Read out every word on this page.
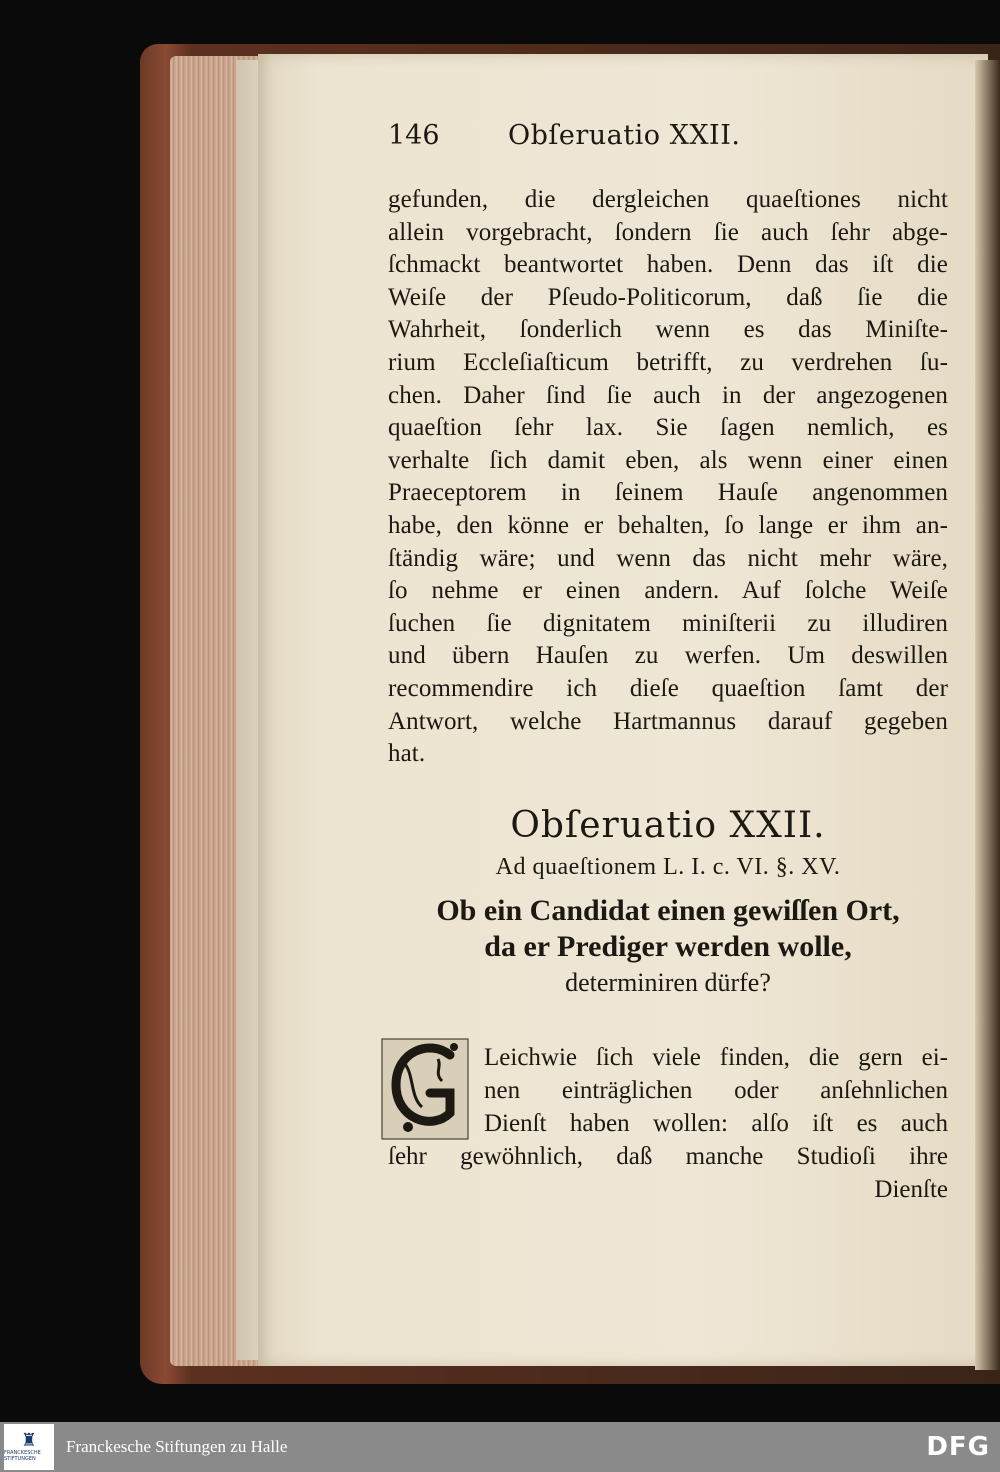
146	Obſeruatio XXII.
gefunden, die dergleichen quaeſtiones nicht
allein vorgebracht, ſondern ſie auch ſehr abge-
ſchmackt beantwortet haben. Denn das iſt die
Weiſe der Pſeudo-Politicorum, daß ſie die
Wahrheit, ſonderlich wenn es das Miniſte-
rium Eccleſiaſticum betrifft, zu verdrehen ſu-
chen. Daher ſind ſie auch in der angezogenen
quaeſtion ſehr lax. Sie ſagen nemlich, es
verhalte ſich damit eben, als wenn einer einen
Praeceptorem in ſeinem Hauſe angenommen
habe, den könne er behalten, ſo lange er ihm an-
ſtändig wäre; und wenn das nicht mehr wäre,
ſo nehme er einen andern. Auf ſolche Weiſe
ſuchen ſie dignitatem miniſterii zu illudiren
und übern Hauſen zu werfen. Um deswillen
recommendire ich dieſe quaeſtion ſamt der
Antwort, welche Hartmannus darauf gegeben
hat.
Obſeruatio XXII.
Ad quaeſtionem L. I. c. VI. §. XV.
Ob ein Candidat einen gewiſſen Ort,
da er Prediger werden wolle,
determiniren dürfe?
Leichwie ſich viele finden, die gern ei-
nen einträglichen oder anſehnlichen
Dienſt haben wollen: alſo iſt es auch
ſehr gewöhnlich, daß manche Studioſi ihre
Dienſte
♜
FRANCKESCHE STIFTUNGEN
Franckesche Stiftungen zu Halle	DFG
